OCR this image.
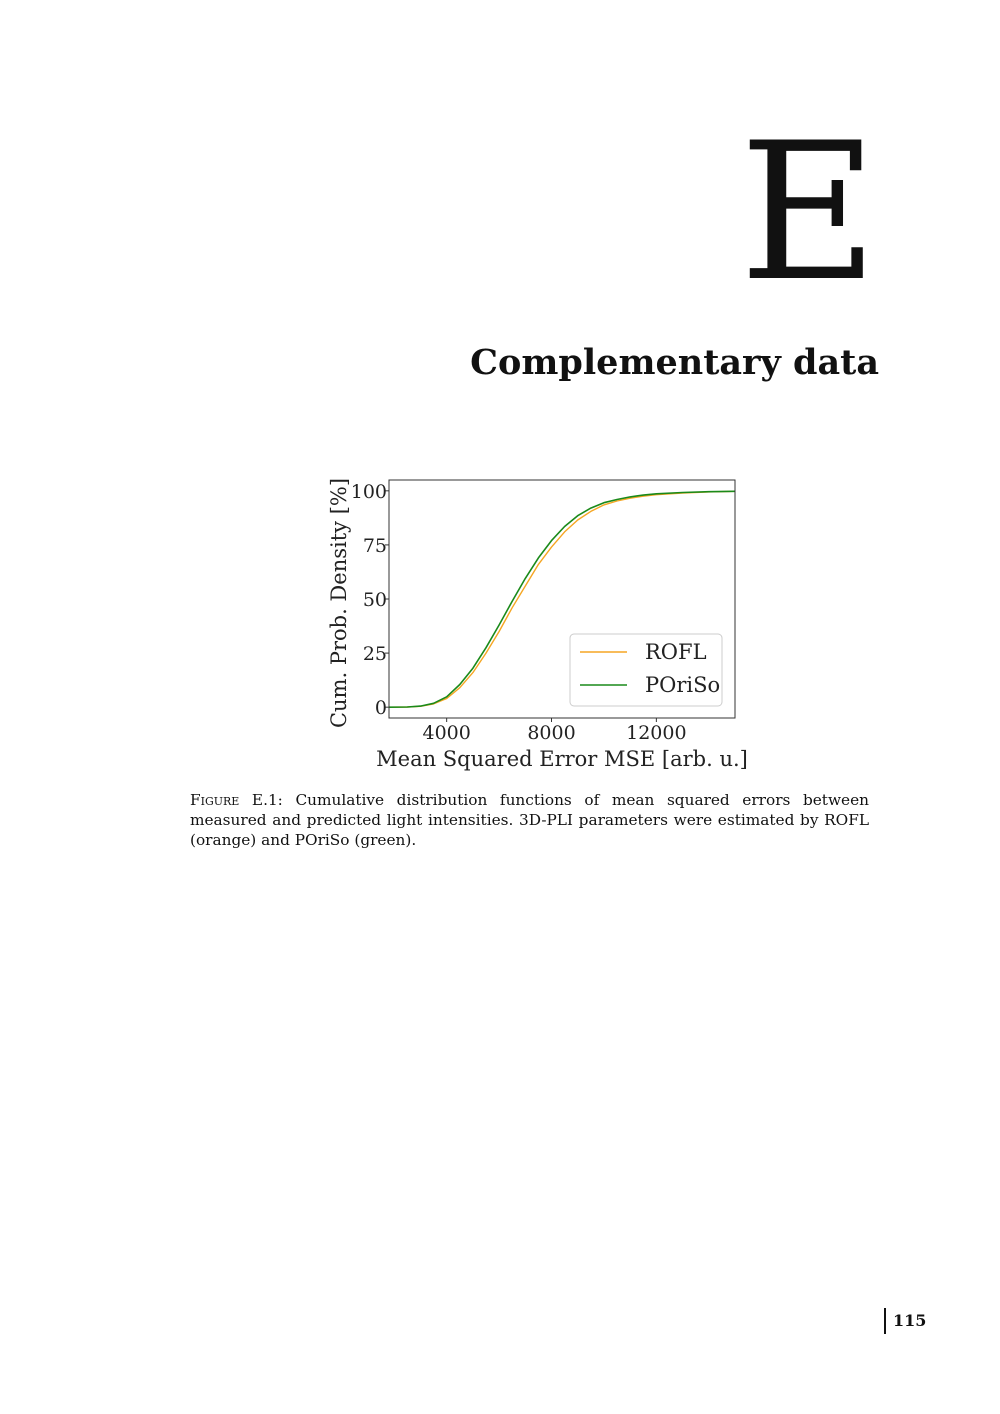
E
Complementary data
4000	8000	12000
0
25
50
75
100
Mean Squared Error MSE [arb. u.]
Cum. Prob. Density [%]	ROFL
POriSo
Figure E.1: Cumulative distribution functions of mean squared errors between measured and predicted light intensities. 3D-PLI parameters were estimated by ROFL (orange) and POriSo (green).
115
